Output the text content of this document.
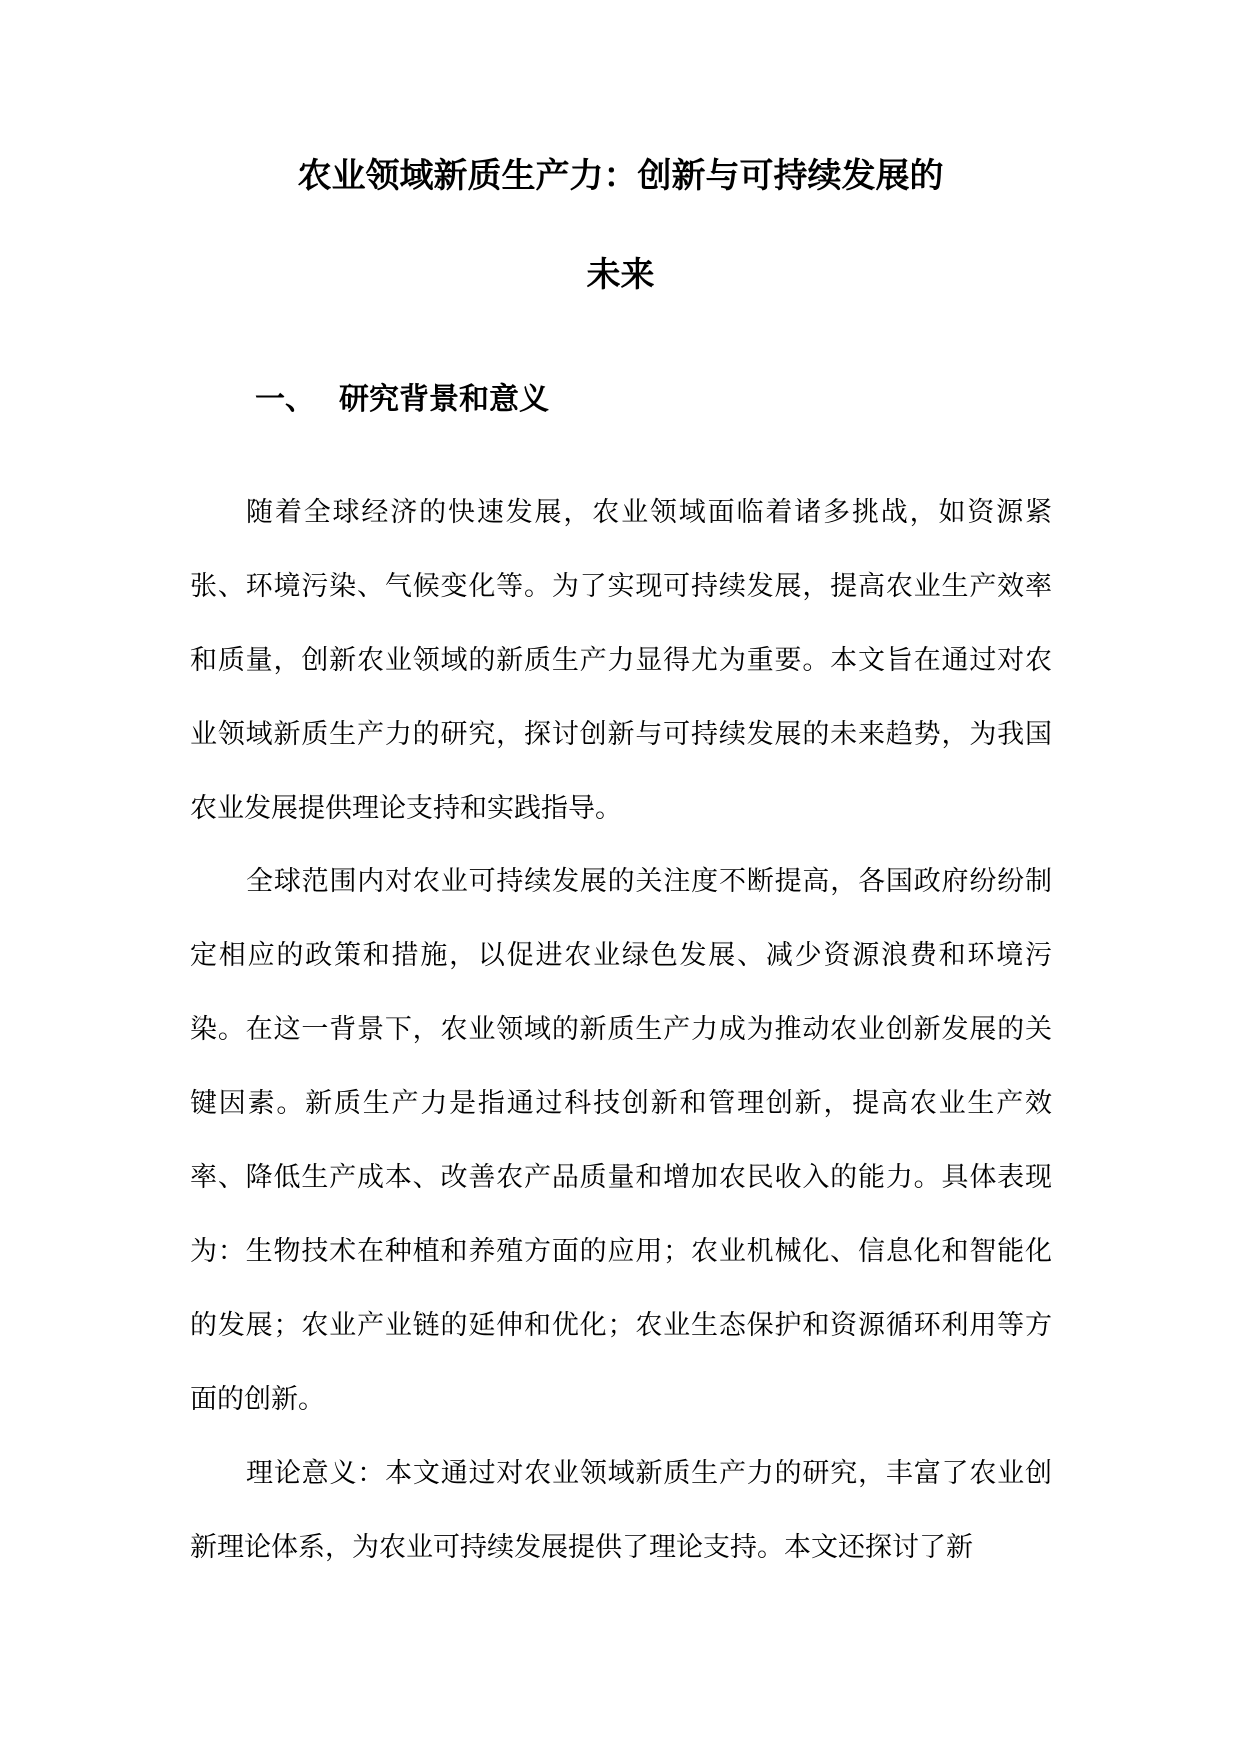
农业领域新质生产力：创新与可持续发展的
未来
一、 研究背景和意义

随着全球经济的快速发展，农业领域面临着诸多挑战，如资源紧张、环境污染、气候变化等。为了实现可持续发展，提高农业生产效率和质量，创新农业领域的新质生产力显得尤为重要。本文旨在通过对农业领域新质生产力的研究，探讨创新与可持续发展的未来趋势，为我国农业发展提供理论支持和实践指导。

全球范围内对农业可持续发展的关注度不断提高，各国政府纷纷制定相应的政策和措施，以促进农业绿色发展、减少资源浪费和环境污染。在这一背景下，农业领域的新质生产力成为推动农业创新发展的关键因素。新质生产力是指通过科技创新和管理创新，提高农业生产效率、降低生产成本、改善农产品质量和增加农民收入的能力。具体表现为：生物技术在种植和养殖方面的应用；农业机械化、信息化和智能化的发展；农业产业链的延伸和优化；农业生态保护和资源循环利用等方面的创新。

理论意义：本文通过对农业领域新质生产力的研究，丰富了农业创新理论体系，为农业可持续发展提供了理论支持。本文还探讨了新
